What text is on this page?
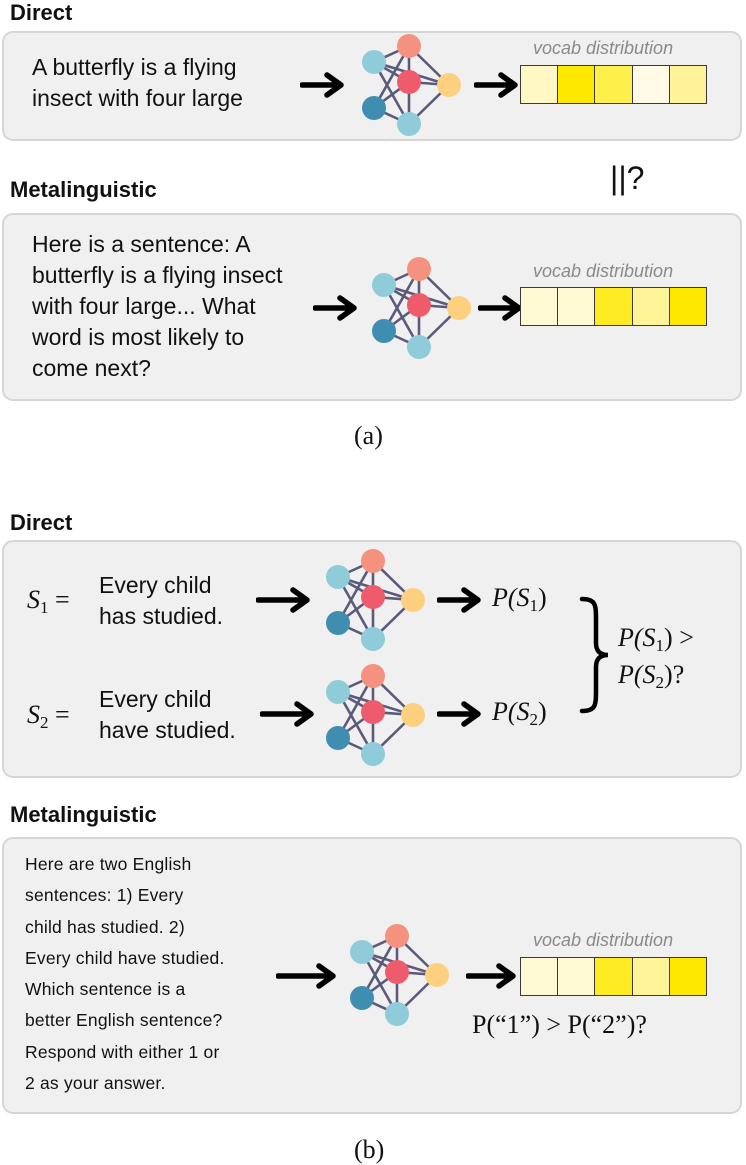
Direct
A butterfly is a flying
insect with four large
vocab distribution
||?
Metalinguistic
Here is a sentence: A
butterfly is a flying insect
with four large... What
word is most likely to
come next?
vocab distribution
(a)
Direct
$S_1$ = Every child
has studied.
$P(S_1)$
$S_2$ =
Every child
have studied.
$P(S_2)$
$P(S_1)$ >
$P(S_2)$?
Metalinguistic
Here are two English
sentences: 1) Every
child has studied. 2)
Every child have studied.
Which sentence is a
better English sentence?
Respond with either 1 or
2 as your answer.
vocab distribution
P(“1”) > P(“2”)?
(b)
